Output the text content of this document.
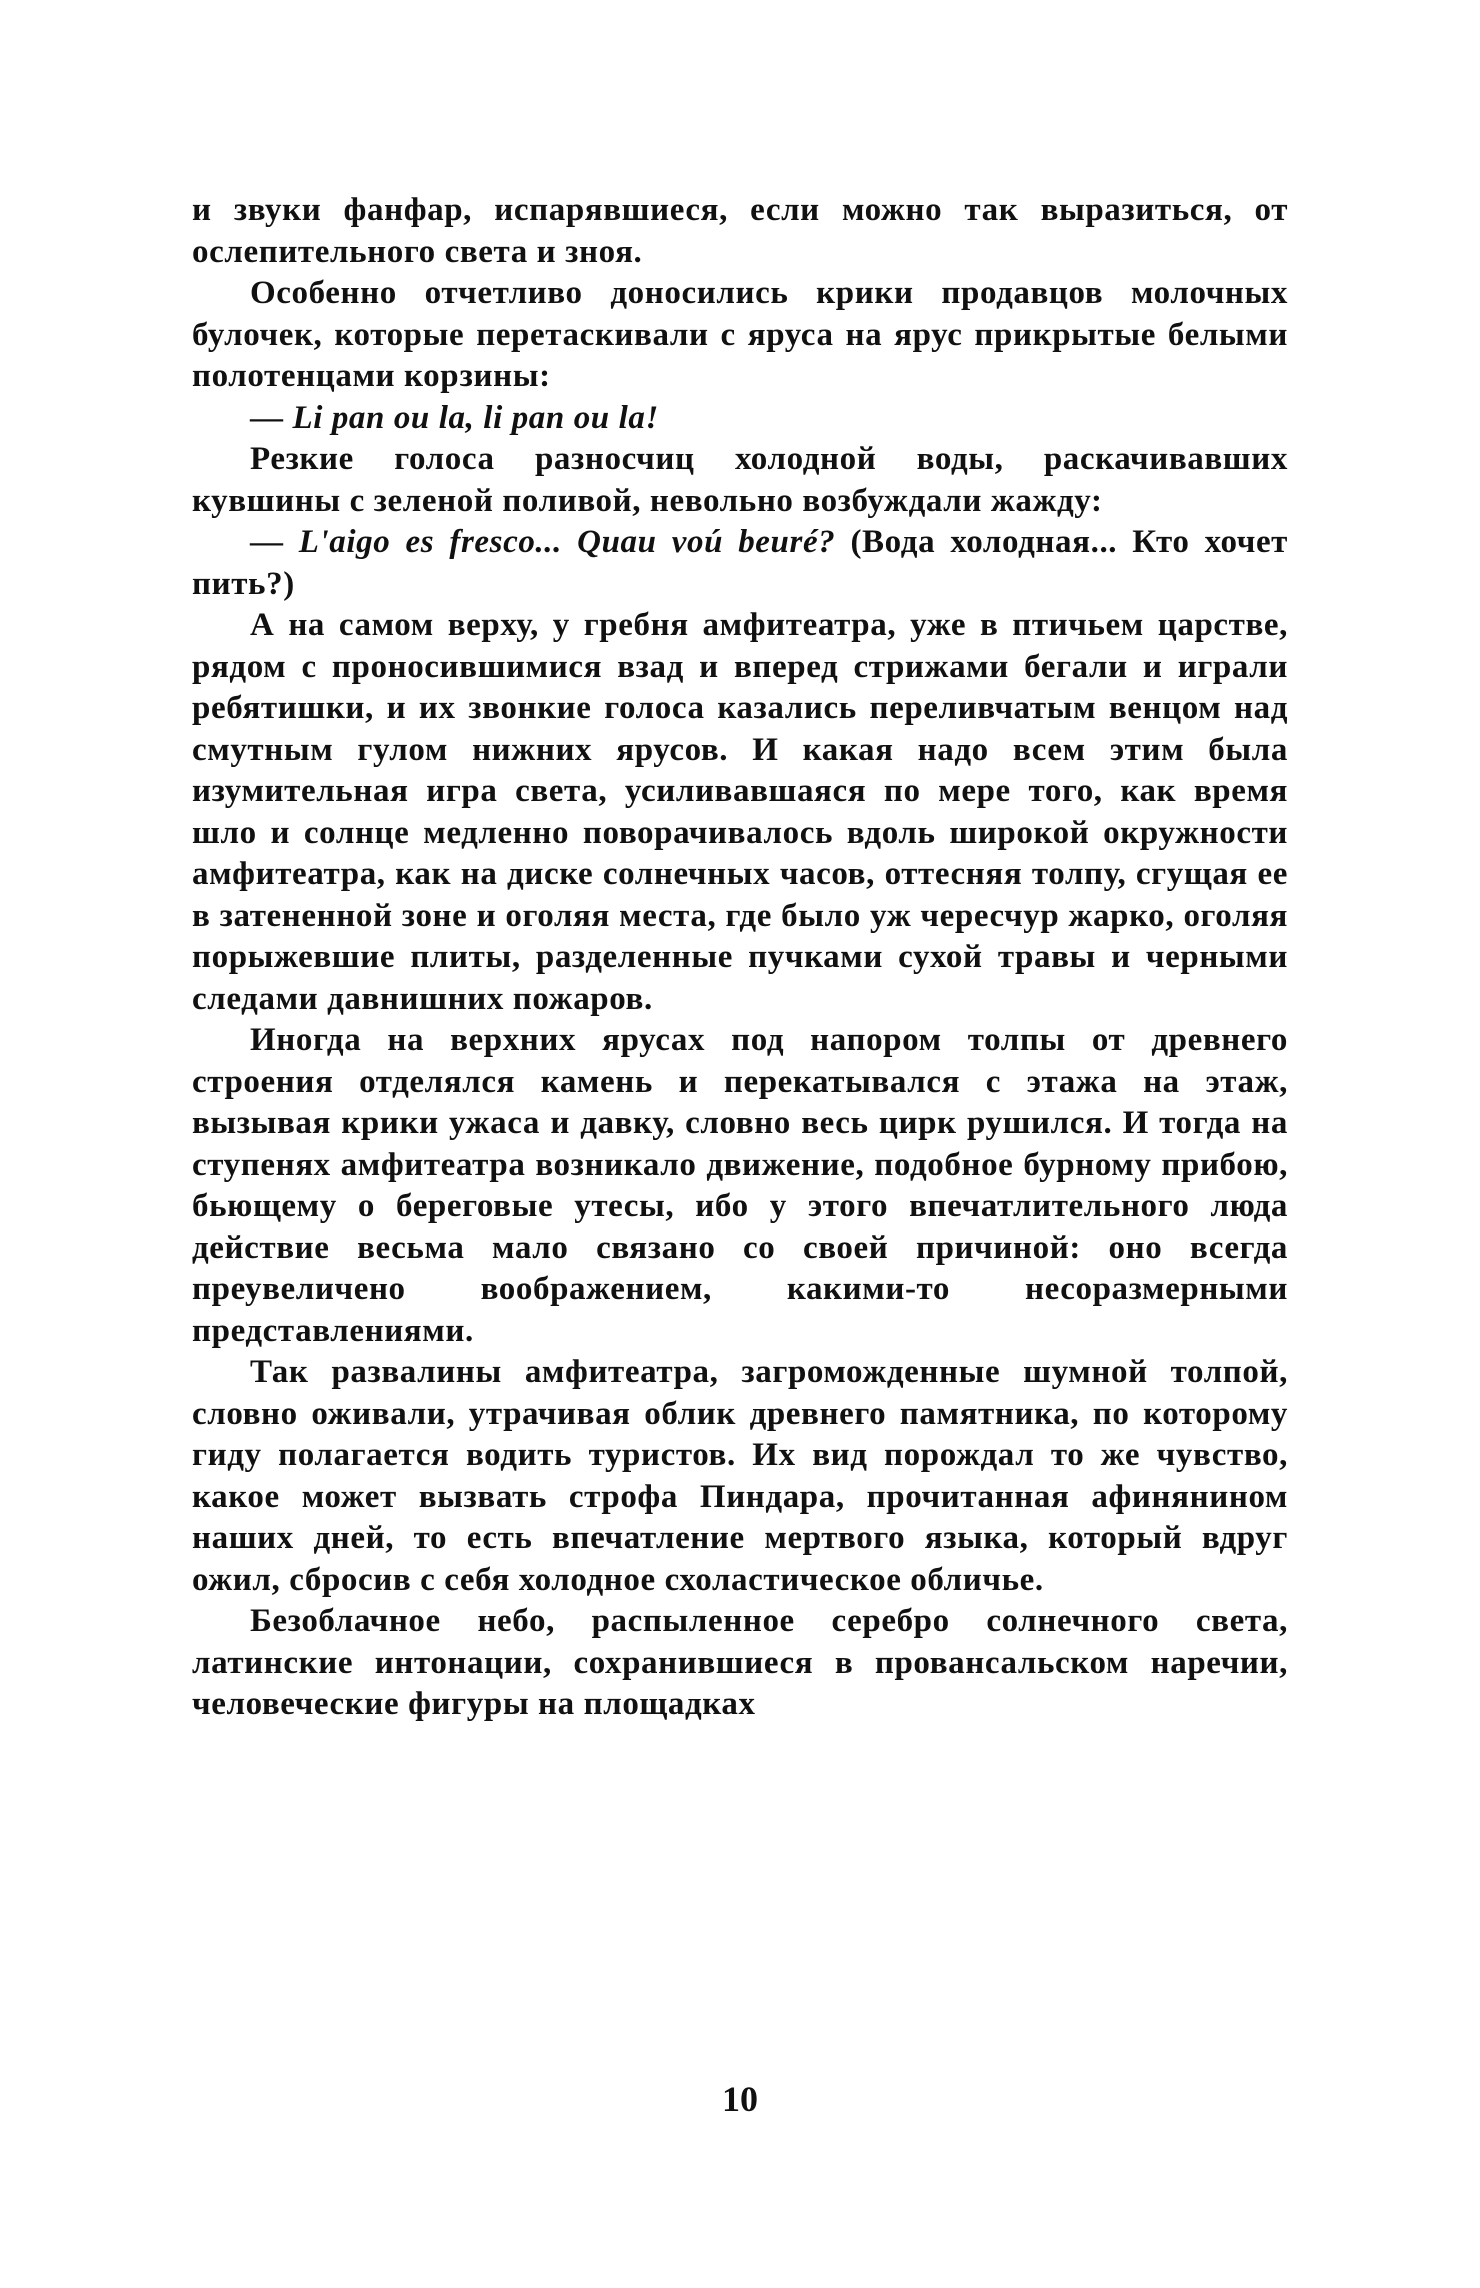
и звуки фанфар, испарявшиеся, если можно так выразиться, от ослепительного света и зноя.

Особенно отчетливо доносились крики продавцов молочных булочек, которые перетаскивали с яруса на ярус прикрытые белыми полотенцами корзины:

— Li pan ou la, li pan ou la!

Резкие голоса разносчиц холодной воды, раскачивавших кувшины с зеленой поливой, невольно возбуждали жажду:

— L'aigo es fresco... Quau voú beuré? (Вода холодная... Кто хочет пить?)

А на самом верху, у гребня амфитеатра, уже в птичьем царстве, рядом с проносившимися взад и вперед стрижами бегали и играли ребятишки, и их звонкие голоса казались переливчатым венцом над смутным гулом нижних ярусов. И какая надо всем этим была изумительная игра света, усиливавшаяся по мере того, как время шло и солнце медленно поворачивалось вдоль широкой окружности амфитеатра, как на диске солнечных часов, оттесняя толпу, сгущая ее в затененной зоне и оголяя места, где было уж чересчур жарко, оголяя порыжевшие плиты, разделенные пучками сухой травы и черными следами давнишних пожаров.

Иногда на верхних ярусах под напором толпы от древнего строения отделялся камень и перекатывался с этажа на этаж, вызывая крики ужаса и давку, словно весь цирк рушился. И тогда на ступенях амфитеатра возникало движение, подобное бурному прибою, бьющему о береговые утесы, ибо у этого впечатлительного люда действие весьма мало связано со своей причиной: оно всегда преувеличено воображением, какими-то несоразмерными представлениями.

Так развалины амфитеатра, загроможденные шумной толпой, словно оживали, утрачивая облик древнего памятника, по которому гиду полагается водить туристов. Их вид порождал то же чувство, какое может вызвать строфа Пиндара, прочитанная афинянином наших дней, то есть впечатление мертвого языка, который вдруг ожил, сбросив с себя холодное схоластическое обличье.

Безоблачное небо, распыленное серебро солнечного света, латинские интонации, сохранившиеся в провансальском наречии, человеческие фигуры на площадках

10
